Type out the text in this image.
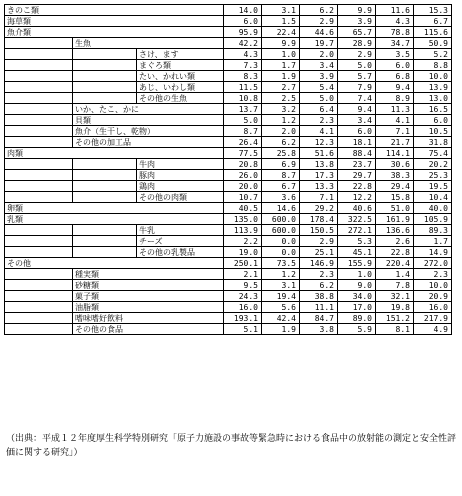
きのこ類			14.0	3.1	6.2	9.9	11.6	15.3
海草類			6.0	1.5	2.9	3.9	4.3	6.7
魚介類			95.9	22.4	44.6	65.7	78.8	115.6
	生魚		42.2	9.9	19.7	28.9	34.7	50.9
		さけ、ます	4.3	1.0	2.0	2.9	3.5	5.2
		まぐろ類	7.3	1.7	3.4	5.0	6.0	8.8
		たい、かれい類	8.3	1.9	3.9	5.7	6.8	10.0
		あじ、いわし類	11.5	2.7	5.4	7.9	9.4	13.9
		その他の生魚	10.8	2.5	5.0	7.4	8.9	13.0
	いか、たこ、かに		13.7	3.2	6.4	9.4	11.3	16.5
	貝類		5.0	1.2	2.3	3.4	4.1	6.0
	魚介（生干し、乾物）		8.7	2.0	4.1	6.0	7.1	10.5
	その他の加工品		26.4	6.2	12.3	18.1	21.7	31.8
肉類			77.5	25.8	51.6	88.4	114.1	75.4
		牛肉	20.8	6.9	13.8	23.7	30.6	20.2
		豚肉	26.0	8.7	17.3	29.7	38.3	25.3
		鶏肉	20.0	6.7	13.3	22.8	29.4	19.5
		その他の肉類	10.7	3.6	7.1	12.2	15.8	10.4
卵類			40.5	14.6	29.2	40.6	51.0	40.0
乳類			135.0	600.0	178.4	322.5	161.9	105.9
		牛乳	113.9	600.0	150.5	272.1	136.6	89.3
		チーズ	2.2	0.0	2.9	5.3	2.6	1.7
		その他の乳製品	19.0	0.0	25.1	45.1	22.8	14.9
その他			250.1	73.5	146.9	155.9	220.4	272.0
	種実類		2.1	1.2	2.3	1.0	1.4	2.3
	砂糖類		9.5	3.1	6.2	9.0	7.8	10.0
	菓子類		24.3	19.4	38.8	34.0	32.1	20.9
	油脂類		16.0	5.6	11.1	17.0	19.8	16.0
	嗜味嗜好飲料		193.1	42.4	84.7	89.0	151.2	217.9
	その他の食品		5.1	1.9	3.8	5.9	8.1	4.9
（出典：平成１２年度厚生科学特別研究「原子力施設の事故等緊急時における食品中の放射能の測定と安全性評価に関する研究」）
